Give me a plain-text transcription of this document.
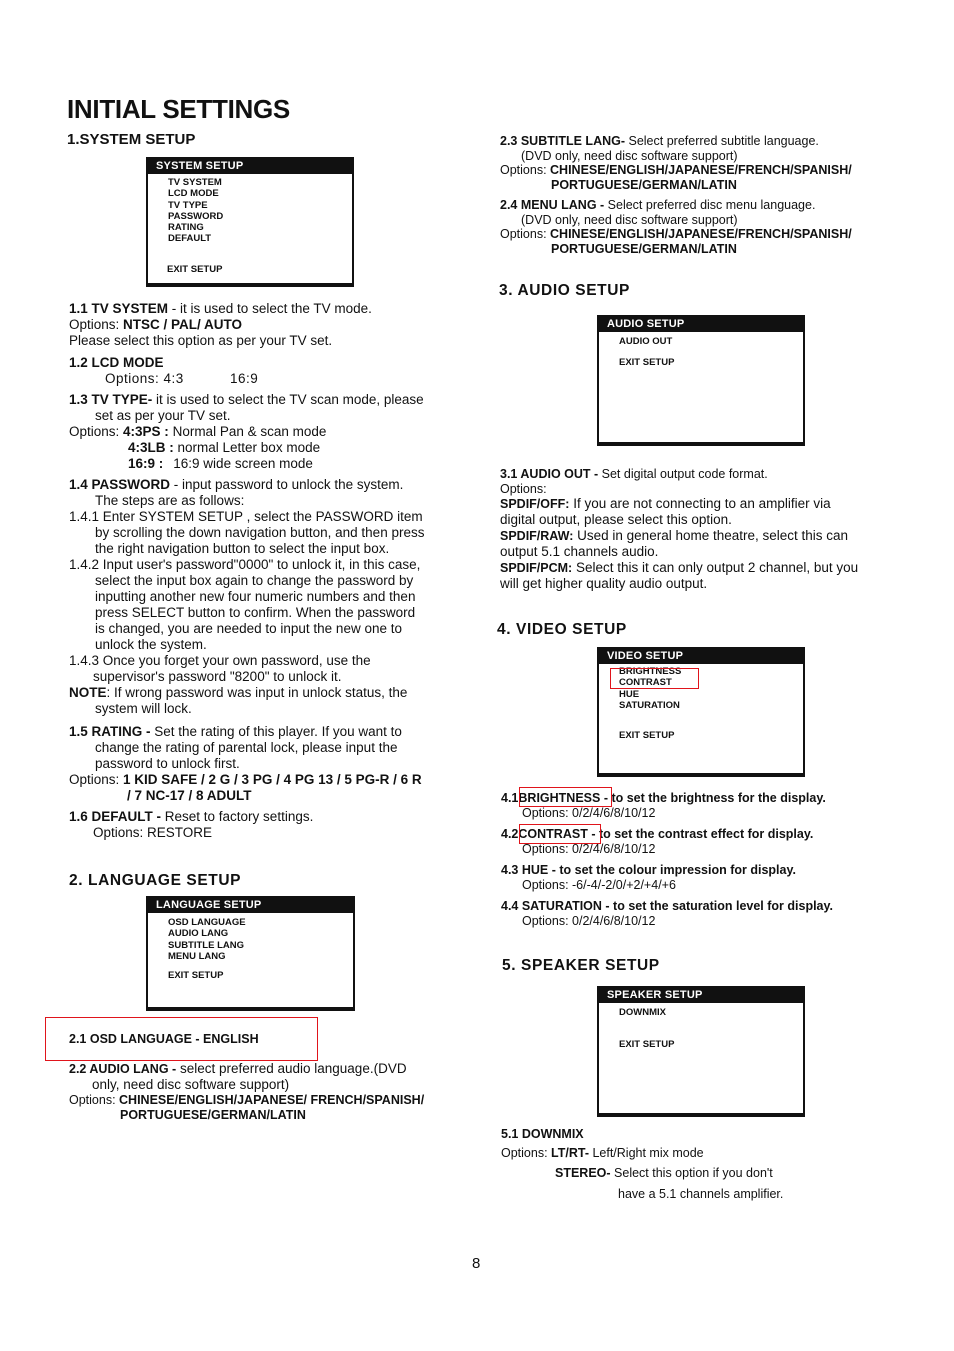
INITIAL SETTINGS
1.SYSTEM SETUP
SYSTEM SETUP
TV SYSTEM
LCD MODE
TV TYPE
PASSWORD
RATING
DEFAULT
EXIT SETUP
1.1 TV SYSTEM - it is used to select the TV mode.
Options: NTSC / PAL/ AUTO
Please select this option as per your TV set.
1.2 LCD MODE
Options: 4:3	16:9
1.3 TV TYPE- it is used to select the TV scan mode, please
set as per your TV set.
Options: 4:3PS : Normal Pan & scan mode
4:3LB : normal Letter box mode
16:9 : 16:9 wide screen mode
1.4 PASSWORD - input password to unlock the system.
The steps are as follows:
1.4.1 Enter SYSTEM SETUP , select the PASSWORD item
by scrolling the down navigation button, and then press
the right navigation button to select the input box.
1.4.2 Input user's password"0000" to unlock it, in this case,
select the input box again to change the password by
inputting another new four numeric numbers and then
press SELECT button to confirm. When the password
is changed, you are needed to input the new one to
unlock the system.
1.4.3 Once you forget your own password, use the
supervisor's password "8200" to unlock it.
NOTE: If wrong password was input in unlock status, the
system will lock.
1.5 RATING - Set the rating of this player. If you want to
change the rating of parental lock, please input the
password to unlock first.
Options: 1 KID SAFE / 2 G / 3 PG / 4 PG 13 / 5 PG-R / 6 R
/ 7 NC-17 / 8 ADULT
1.6 DEFAULT - Reset to factory settings.
Options: RESTORE
2. LANGUAGE SETUP
LANGUAGE SETUP
OSD LANGUAGE
AUDIO LANG
SUBTITLE LANG
MENU LANG
EXIT SETUP
2.1 OSD LANGUAGE - ENGLISH
2.2 AUDIO LANG - select preferred audio language.(DVD
only, need disc software support)
Options: CHINESE/ENGLISH/JAPANESE/ FRENCH/SPANISH/
PORTUGUESE/GERMAN/LATIN
2.3 SUBTITLE LANG- Select preferred subtitle language.
(DVD only, need disc software support)
Options: CHINESE/ENGLISH/JAPANESE/FRENCH/SPANISH/
PORTUGUESE/GERMAN/LATIN
2.4 MENU LANG - Select preferred disc menu language.
(DVD only, need disc software support)
Options: CHINESE/ENGLISH/JAPANESE/FRENCH/SPANISH/
PORTUGUESE/GERMAN/LATIN
3. AUDIO SETUP
AUDIO SETUP
AUDIO OUT
EXIT SETUP
3.1 AUDIO OUT - Set digital output code format.
Options:
SPDIF/OFF: If you are not connecting to an amplifier via
digital output, please select this option.
SPDIF/RAW: Used in general home theatre, select this can
output 5.1 channels audio.
SPDIF/PCM: Select this it can only output 2 channel, but you
will get higher quality audio output.
4. VIDEO SETUP
VIDEO SETUP
BRIGHTNESS
CONTRAST
HUE
SATURATION
EXIT SETUP
4.1BRIGHTNESS - to set the brightness for the display.
Options: 0/2/4/6/8/10/12
4.2CONTRAST - to set the contrast effect for display.
Options: 0/2/4/6/8/10/12
4.3 HUE - to set the colour impression for display.
Options: -6/-4/-2/0/+2/+4/+6
4.4 SATURATION - to set the saturation level for display.
Options: 0/2/4/6/8/10/12
5. SPEAKER SETUP
SPEAKER SETUP
DOWNMIX
EXIT SETUP
5.1 DOWNMIX
Options: LT/RT- Left/Right mix mode
STEREO- Select this option if you don't
have a 5.1 channels amplifier.
8
